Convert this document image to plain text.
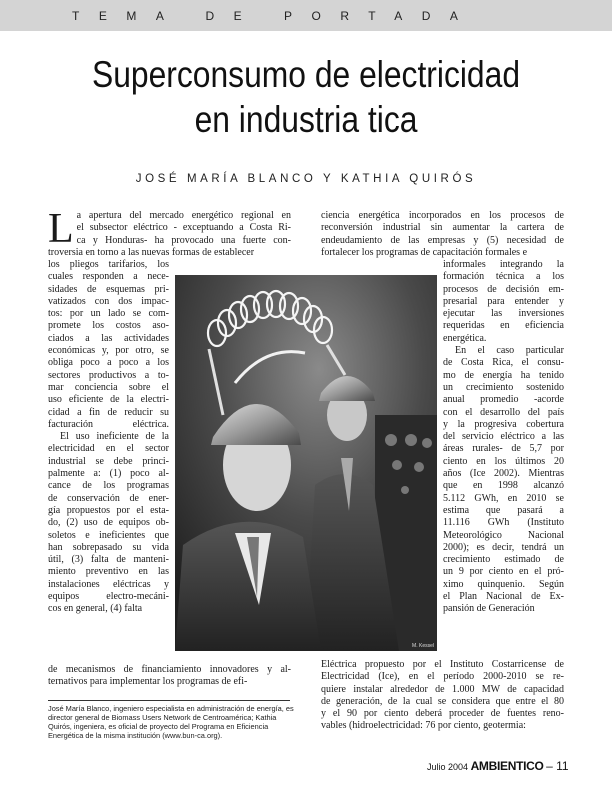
TEMA DE PORTADA
Superconsumo de electricidad
en industria tica
JOSÉ MARÍA BLANCO Y KATHIA QUIRÓS
L a apertura del mercado energético regional en
el subsector eléctrico - exceptuando a Costa Ri-
ca y Honduras- ha provocado una fuerte con-
troversia en torno a las nuevas formas de establecer
los pliegos tarifarios, los
cuales responden a nece-
sidades de esquemas pri-
vatizados con dos impac-
tos: por un lado se com-
promete los costos aso-
ciados a las actividades
económicas y, por otro, se
obliga poco a poco a los
sectores productivos a to-
mar conciencia sobre el
uso eficiente de la electri-
cidad a fin de reducir su
facturación eléctrica.
El uso ineficiente de la
electricidad en el sector
industrial se debe princi-
palmente a: (1) poco al-
cance de los programas
de conservación de ener-
gía propuestos por el esta-
do, (2) uso de equipos ob-
soletos e ineficientes que
han sobrepasado su vida
útil, (3) falta de manteni-
miento preventivo en las
instalaciones eléctricas y
equipos electro-mecáni-
cos en general, (4) falta
de mecanismos de financiamiento innovadores y al-
ternativos para implementar los programas de efi-
ciencia energética incorporados en los procesos de
reconversión industrial sin aumentar la cartera de
endeudamiento de las empresas y (5) necesidad de
fortalecer los programas de capacitación formales e
informales integrando la
formación técnica a los
procesos de decisión em-
presarial para entender y
ejecutar las inversiones
requeridas en eficiencia
energética.
En el caso particular
de Costa Rica, el consu-
mo de energía ha tenido
un crecimiento sostenido
anual promedio -acorde
con el desarrollo del país
y la progresiva cobertura
del servicio eléctrico a las
áreas rurales- de 5,7 por
ciento en los últimos 20
años (Ice 2002). Mientras
que en 1998 alcanzó
5.112 GWh, en 2010 se
estima que pasará a
11.116 GWh (Instituto
Meteorológico Nacional
2000); es decir, tendrá un
crecimiento estimado de
un 9 por ciento en el pró-
ximo quinquenio. Según
el Plan Nacional de Ex-
pansión de Generación
Eléctrica propuesto por el Instituto Costarricense de
Electricidad (Ice), en el período 2000-2010 se re-
quiere instalar alrededor de 1.000 MW de capacidad
de generación, de la cual se considera que entre el 80
y el 90 por ciento deberá proceder de fuentes reno-
vables (hidroelectricidad: 76 por ciento, geotermia:
M. Kessel
José María Blanco, ingeniero especialista en administración de energía, es director general de Biomass Users Network de Centroamérica; Kathia Quirós, ingeniera, es oficial de proyecto del Programa en Eficiencia Energética de la misma institución (www.bun-ca.org).
Julio 2004 AMBIENTICO – 11
